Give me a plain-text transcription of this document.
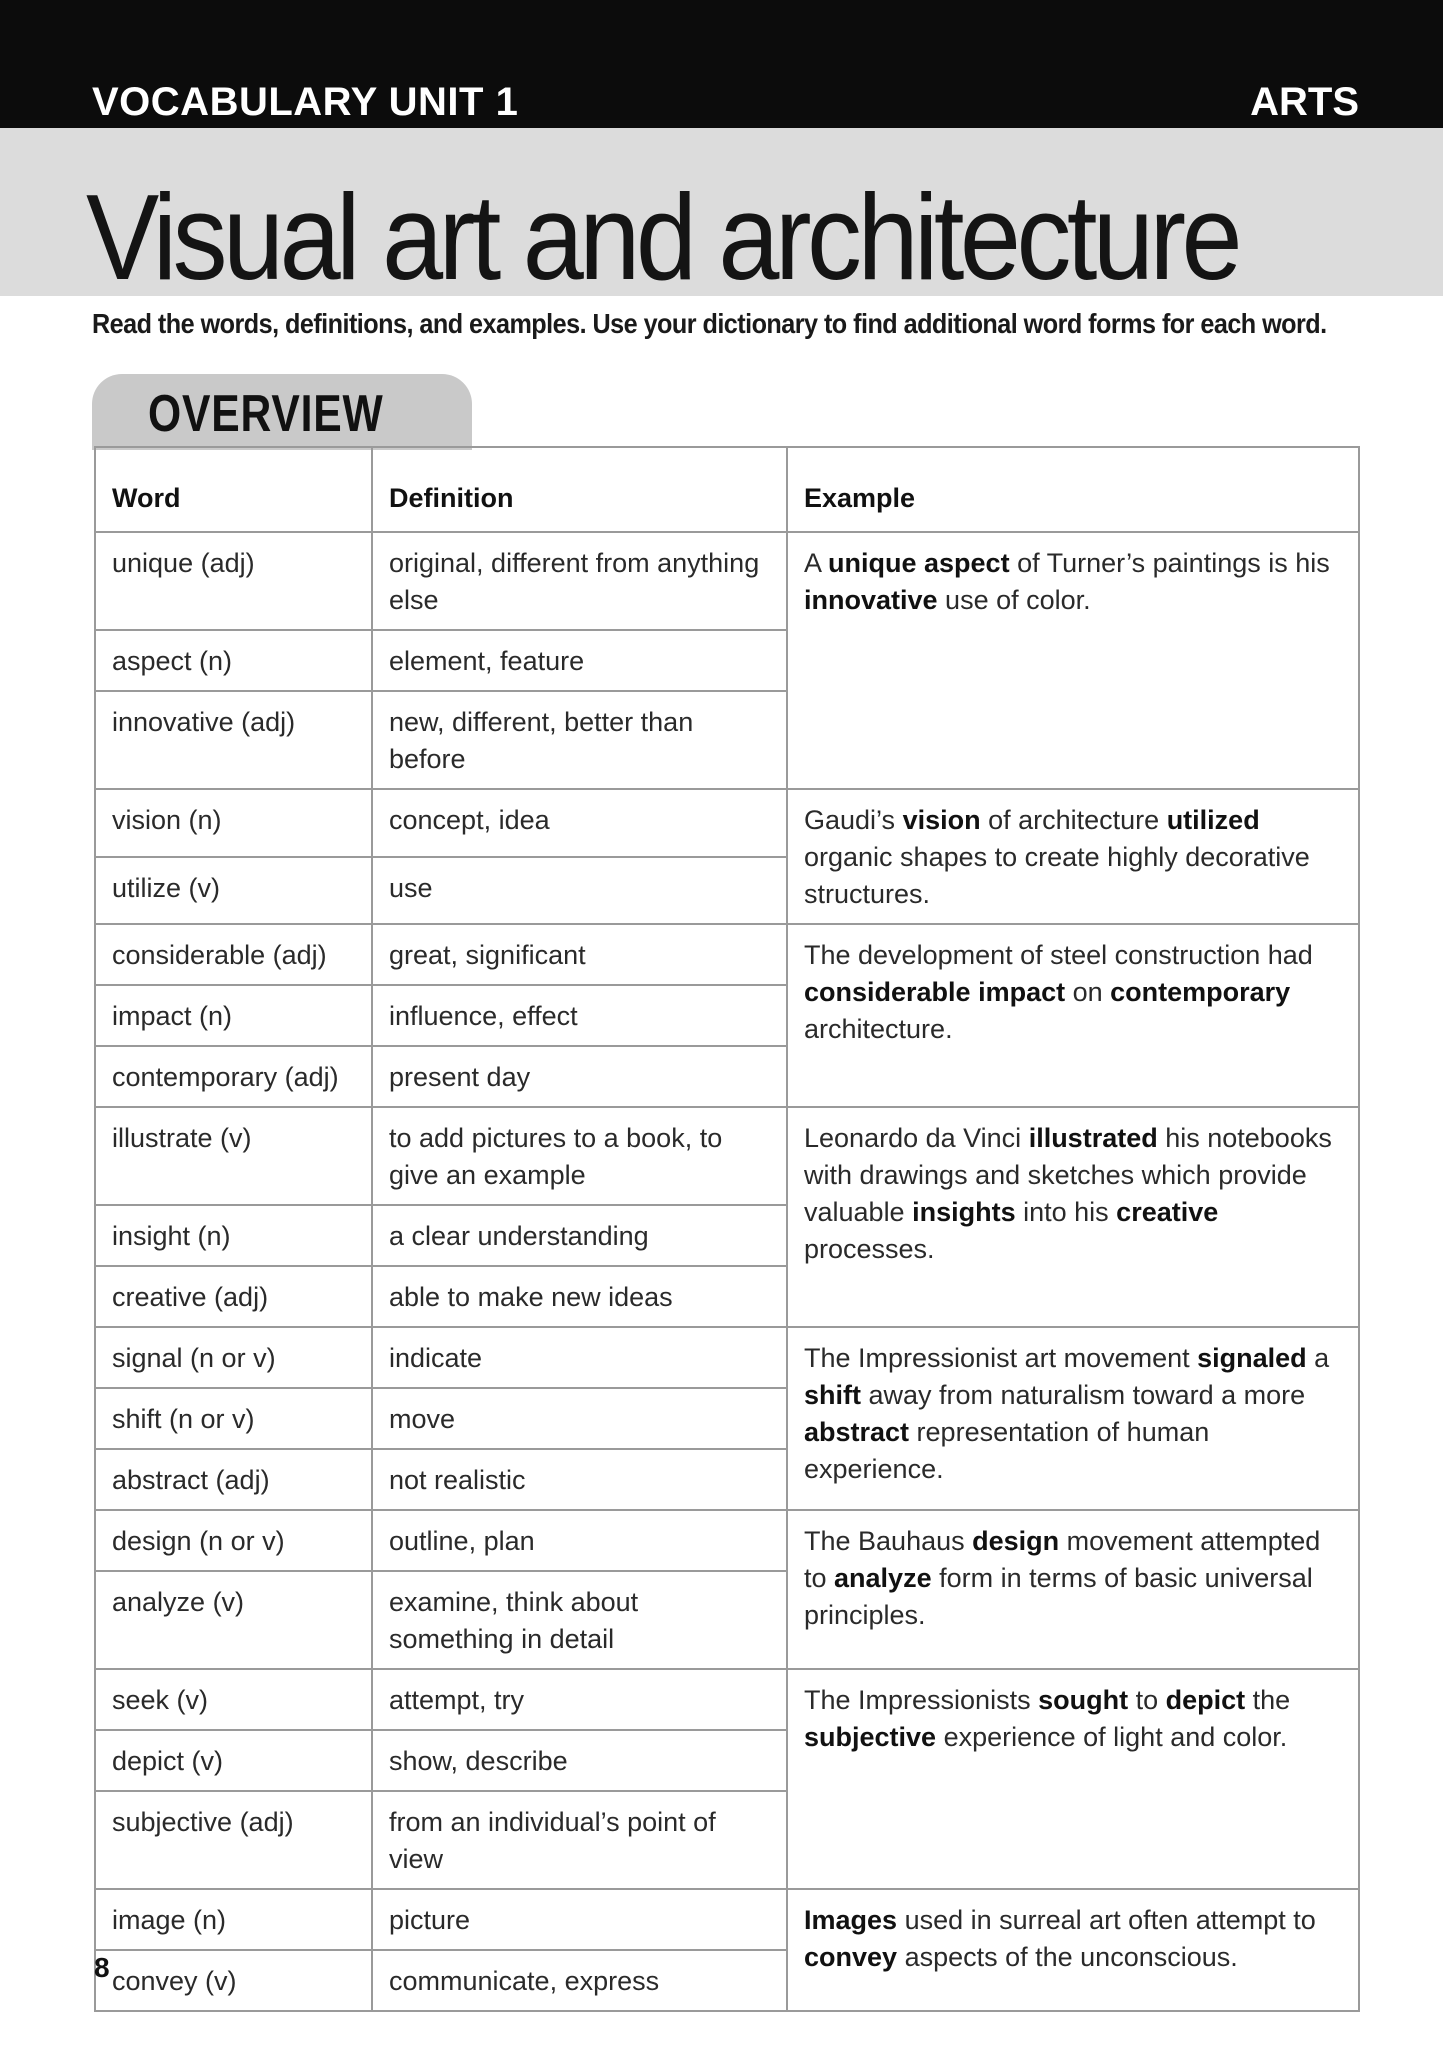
VOCABULARY UNIT 1	ARTS
Visual art and architecture
Read the words, definitions, and examples. Use your dictionary to find additional word forms for each word.
OVERVIEW
Word	Definition	Example
unique (adj)	original, different from anything else	A unique aspect of Turner’s paintings is his innovative use of color.
aspect (n)	element, feature	
innovative (adj)	new, different, better than before	
vision (n)	concept, idea	Gaudi’s vision of architecture utilized organic shapes to create highly decorative structures.
utilize (v)	use	
considerable (adj)	great, significant	The development of steel construction had considerable impact on contemporary architecture.
impact (n)	influence, effect	
contemporary (adj)	present day	
illustrate (v)	to add pictures to a book, to give an example	Leonardo da Vinci illustrated his notebooks with drawings and sketches which provide valuable insights into his creative processes.
insight (n)	a clear understanding	
creative (adj)	able to make new ideas	
signal (n or v)	indicate	The Impressionist art movement signaled a shift away from naturalism toward a more abstract representation of human experience.
shift (n or v)	move	
abstract (adj)	not realistic	
design (n or v)	outline, plan	The Bauhaus design movement attempted to analyze form in terms of basic universal principles.
analyze (v)	examine, think about something in detail	
seek (v)	attempt, try	The Impressionists sought to depict the subjective experience of light and color.
depict (v)	show, describe	
subjective (adj)	from an individual’s point of view	
image (n)	picture	Images used in surreal art often attempt to convey aspects of the unconscious.
convey (v)	communicate, express	
8
